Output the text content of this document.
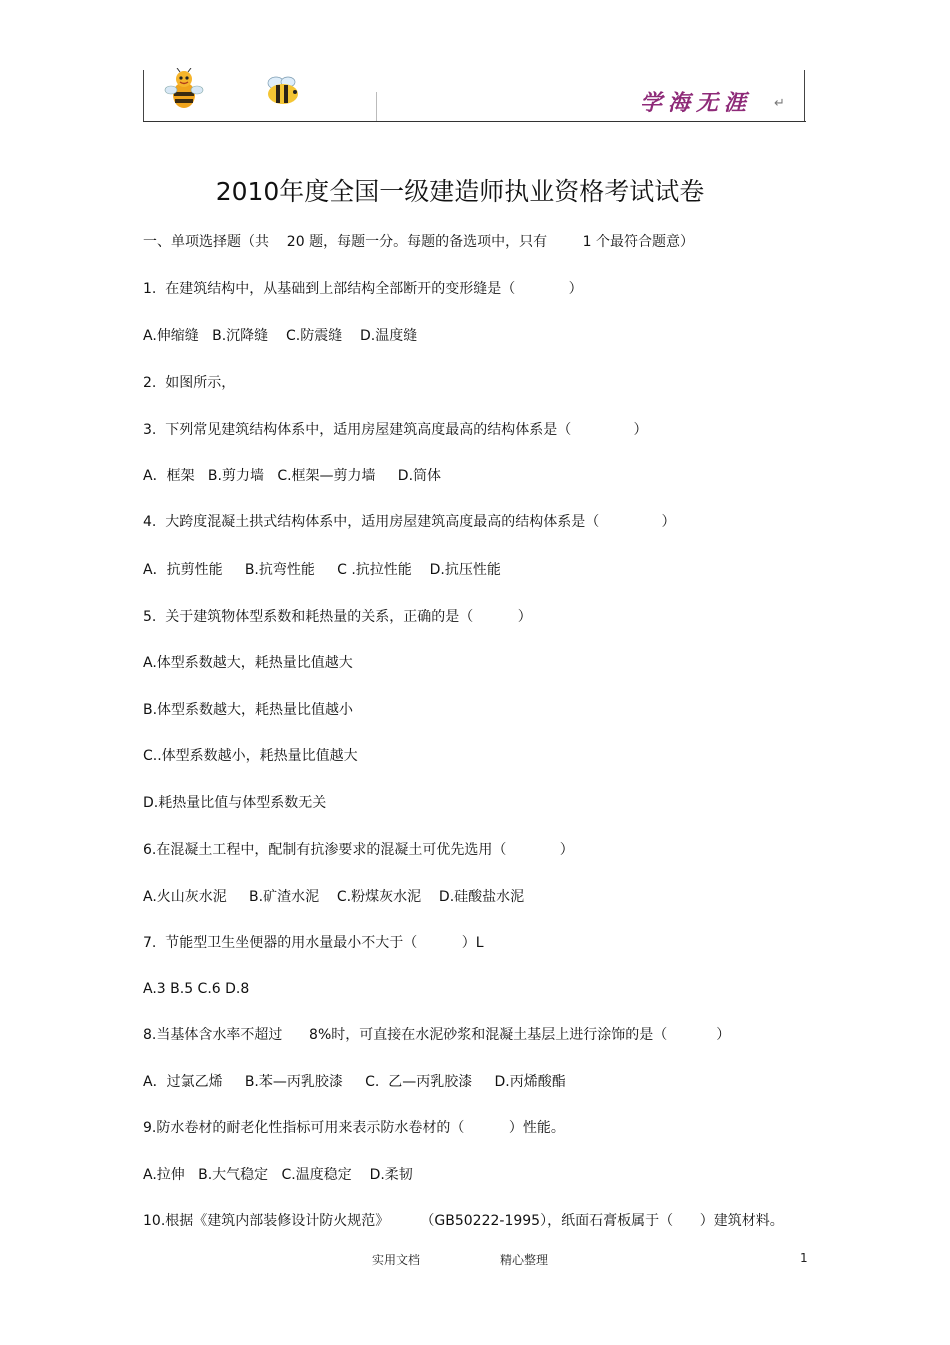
学海无涯 ↵
2010年度全国一级建造师执业资格考试试卷
一、单项选择题（共    20 题，每题一分。每题的备选项中，只有        1 个最符合题意）
1.  在建筑结构中，从基础到上部结构全部断开的变形缝是（            ）
A.伸缩缝   B.沉降缝    C.防震缝    D.温度缝
2.  如图所示，
3.  下列常见建筑结构体系中，适用房屋建筑高度最高的结构体系是（              ）
A．框架   B.剪力墙   C.框架—剪力墙     D.筒体
4.  大跨度混凝土拱式结构体系中，适用房屋建筑高度最高的结构体系是（              ）
A．抗剪性能     B.抗弯性能     C .抗拉性能    D.抗压性能
5.  关于建筑物体型系数和耗热量的关系，正确的是（          ）
A.体型系数越大，耗热量比值越大
B.体型系数越大，耗热量比值越小
C..体型系数越小，耗热量比值越大
D.耗热量比值与体型系数无关
6.在混凝土工程中，配制有抗渗要求的混凝土可优先选用（            ）
A.火山灰水泥     B.矿渣水泥    C.粉煤灰水泥    D.硅酸盐水泥
7.  节能型卫生坐便器的用水量最小不大于（          ）L
A.3 B.5 C.6 D.8
8.当基体含水率不超过      8%时，可直接在水泥砂浆和混凝土基层上进行涂饰的是（           ）
A．过氯乙烯     B.苯—丙乳胶漆     C.  乙—丙乳胶漆     D.丙烯酸酯
9.防水卷材的耐老化性指标可用来表示防水卷材的（          ）性能。
A.拉伸   B.大气稳定   C.温度稳定    D.柔韧
10.根据《建筑内部装修设计防火规范》       （GB50222-1995），纸面石膏板属于（      ）建筑材料。
实用文档	精心整理	1
